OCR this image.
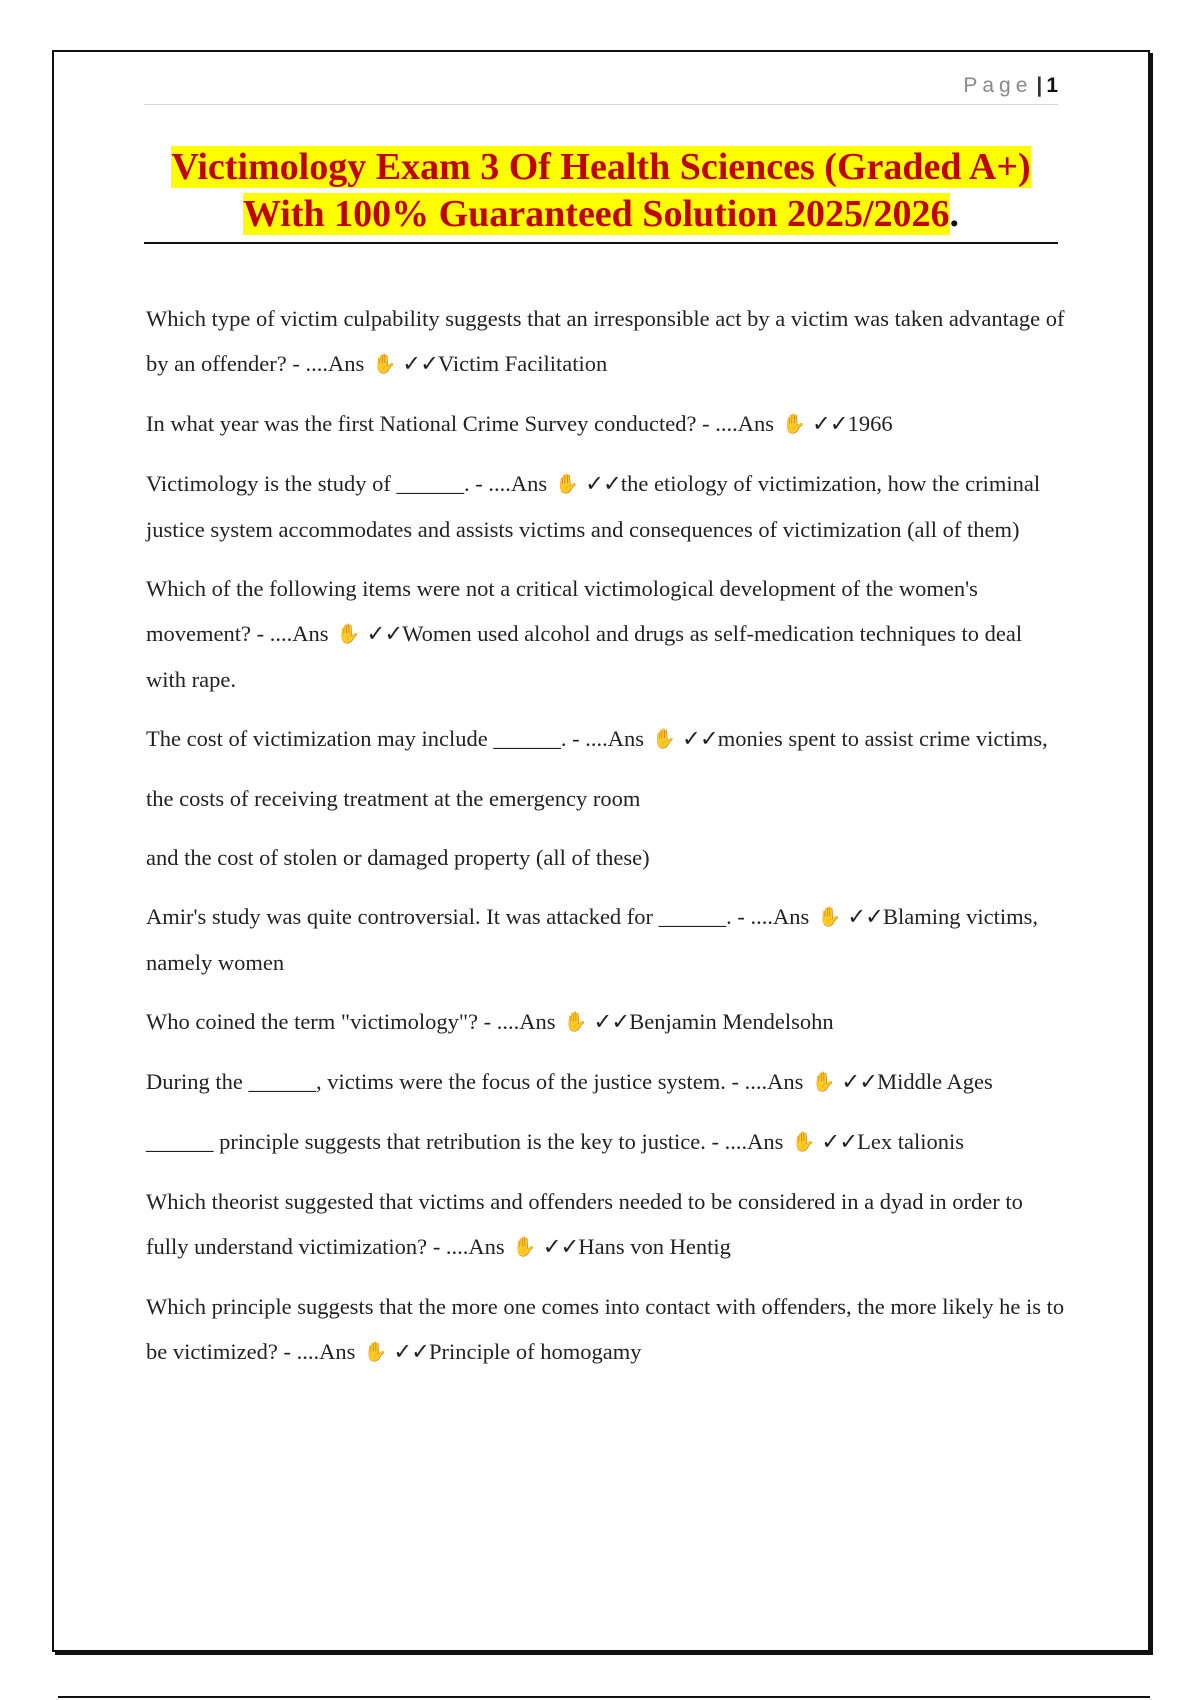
Page | 1

Victimology Exam 3 Of Health Sciences (Graded A+)

With 100% Guaranteed Solution 2025/2026.

Which type of victim culpability suggests that an irresponsible act by a victim was taken advantage of by an offender? - ....Ans ✋ ✓✓Victim Facilitation

In what year was the first National Crime Survey conducted? - ....Ans ✋ ✓✓1966

Victimology is the study of ______. - ....Ans ✋ ✓✓the etiology of victimization, how the criminal justice system accommodates and assists victims and consequences of victimization (all of them)

Which of the following items were not a critical victimological development of the women's movement? - ....Ans ✋ ✓✓Women used alcohol and drugs as self-medication techniques to deal with rape.

The cost of victimization may include ______. - ....Ans ✋ ✓✓monies spent to assist crime victims,

the costs of receiving treatment at the emergency room

and the cost of stolen or damaged property (all of these)

Amir's study was quite controversial. It was attacked for ______. - ....Ans ✋ ✓✓Blaming victims, namely women

Who coined the term "victimology"? - ....Ans ✋ ✓✓Benjamin Mendelsohn

During the ______, victims were the focus of the justice system. - ....Ans ✋ ✓✓Middle Ages

______ principle suggests that retribution is the key to justice. - ....Ans ✋ ✓✓Lex talionis

Which theorist suggested that victims and offenders needed to be considered in a dyad in order to fully understand victimization? - ....Ans ✋ ✓✓Hans von Hentig

Which principle suggests that the more one comes into contact with offenders, the more likely he is to be victimized? - ....Ans ✋ ✓✓Principle of homogamy
